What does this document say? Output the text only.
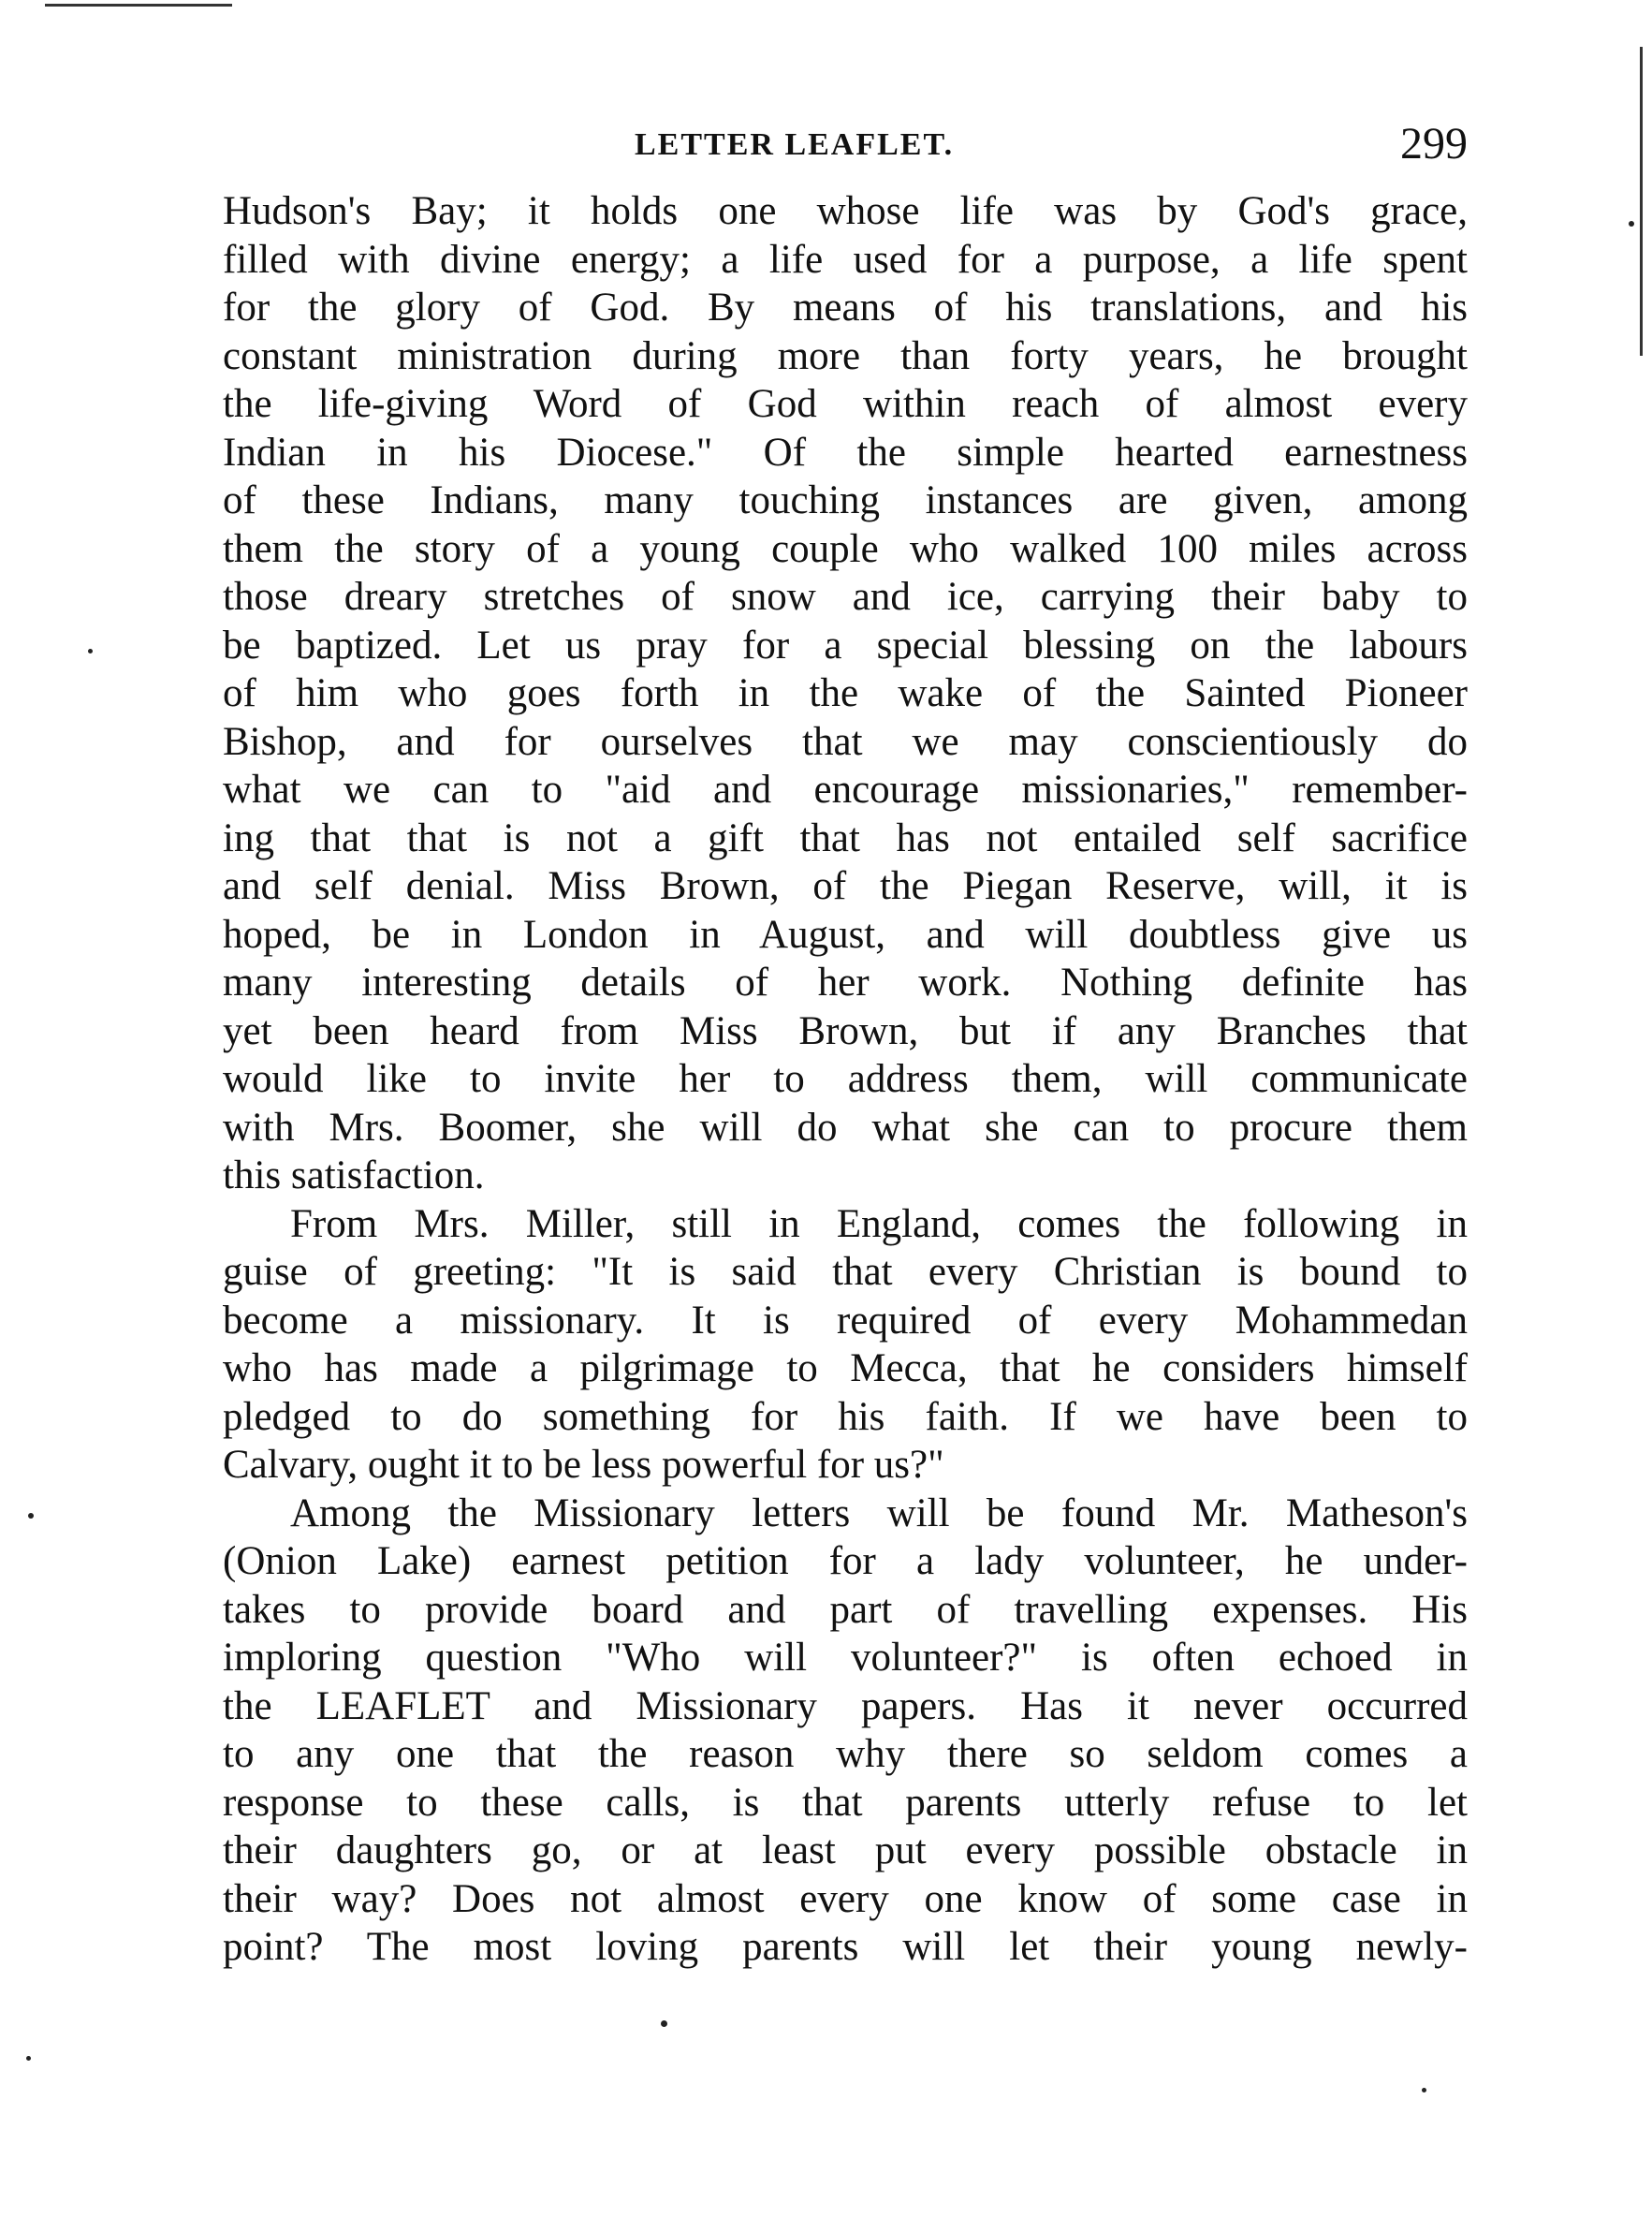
LETTER LEAFLET.	299
Hudson's Bay; it holds one whose life was by God's grace,
filled with divine energy; a life used for a purpose, a life spent
for the glory of God. By means of his translations, and his
constant ministration during more than forty years, he brought
the life-giving Word of God within reach of almost every
Indian in his Diocese." Of the simple hearted earnestness
of these Indians, many touching instances are given, among
them the story of a young couple who walked 100 miles across
those dreary stretches of snow and ice, carrying their baby to
be baptized. Let us pray for a special blessing on the labours
of him who goes forth in the wake of the Sainted Pioneer
Bishop, and for ourselves that we may conscientiously do
what we can to "aid and encourage missionaries," remember-
ing that that is not a gift that has not entailed self sacrifice
and self denial. Miss Brown, of the Piegan Reserve, will, it is
hoped, be in London in August, and will doubtless give us
many interesting details of her work. Nothing definite has
yet been heard from Miss Brown, but if any Branches that
would like to invite her to address them, will communicate
with Mrs. Boomer, she will do what she can to procure them
this satisfaction.
From Mrs. Miller, still in England, comes the following in
guise of greeting: "It is said that every Christian is bound to
become a missionary. It is required of every Mohammedan
who has made a pilgrimage to Mecca, that he considers himself
pledged to do something for his faith. If we have been to
Calvary, ought it to be less powerful for us?"
Among the Missionary letters will be found Mr. Matheson's
(Onion Lake) earnest petition for a lady volunteer, he under-
takes to provide board and part of travelling expenses. His
imploring question "Who will volunteer?" is often echoed in
the LEAFLET and Missionary papers. Has it never occurred
to any one that the reason why there so seldom comes a
response to these calls, is that parents utterly refuse to let
their daughters go, or at least put every possible obstacle in
their way? Does not almost every one know of some case in
point? The most loving parents will let their young newly-
